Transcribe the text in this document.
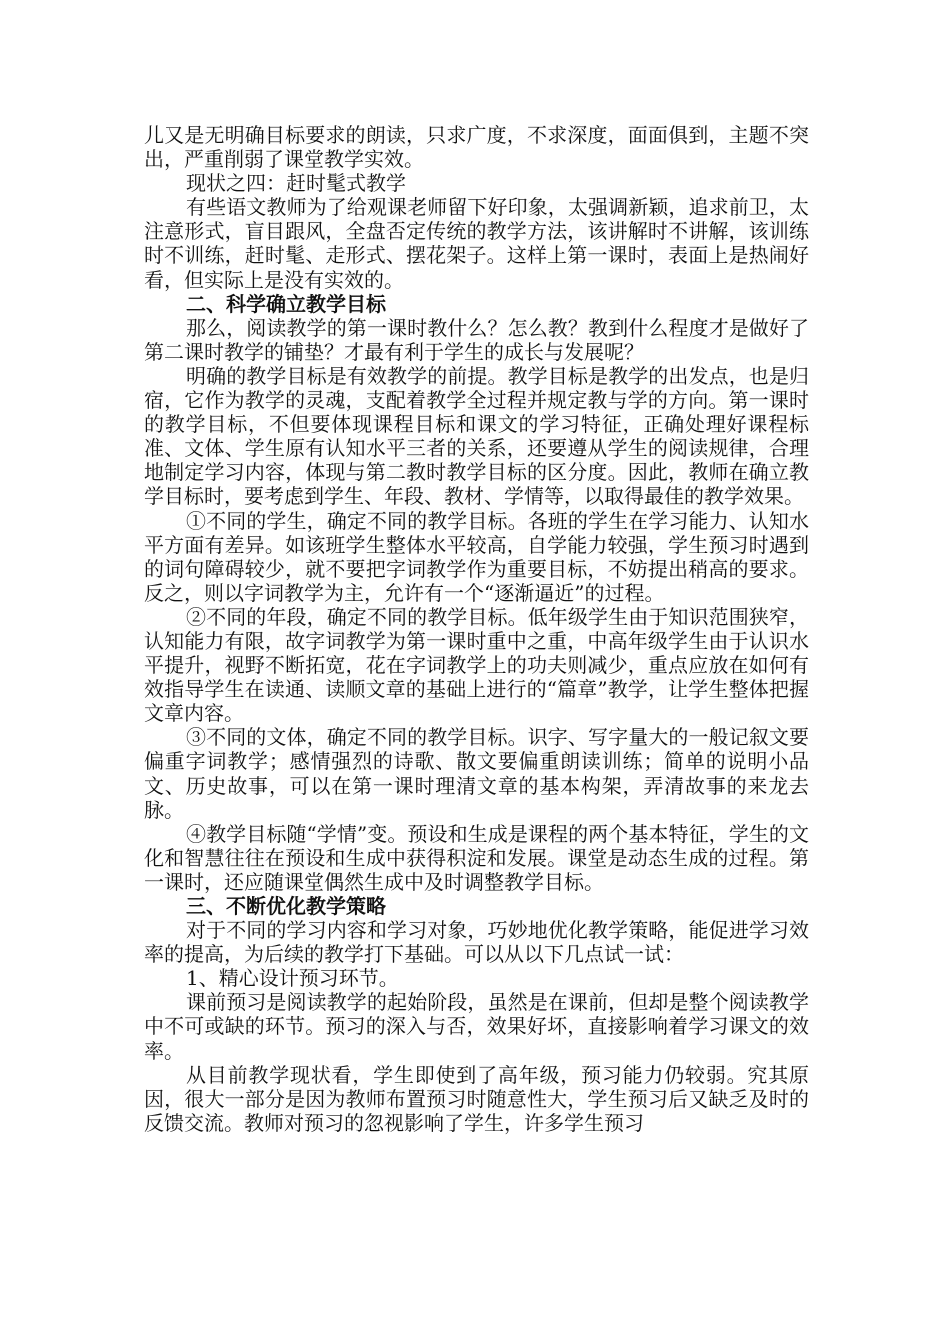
儿又是无明确目标要求的朗读，只求广度，不求深度，面面俱到，主题不突出，严重削弱了课堂教学实效。

现状之四：赶时髦式教学

有些语文教师为了给观课老师留下好印象，太强调新颖，追求前卫，太注意形式，盲目跟风，全盘否定传统的教学方法，该讲解时不讲解，该训练时不训练，赶时髦、走形式、摆花架子。这样上第一课时，表面上是热闹好看，但实际上是没有实效的。

二、科学确立教学目标

那么，阅读教学的第一课时教什么？怎么教？教到什么程度才是做好了第二课时教学的铺垫？才最有利于学生的成长与发展呢？

明确的教学目标是有效教学的前提。教学目标是教学的出发点，也是归宿，它作为教学的灵魂，支配着教学全过程并规定教与学的方向。第一课时的教学目标，不但要体现课程目标和课文的学习特征，正确处理好课程标准、文体、学生原有认知水平三者的关系，还要遵从学生的阅读规律，合理地制定学习内容，体现与第二教时教学目标的区分度。因此，教师在确立教学目标时，要考虑到学生、年段、教材、学情等，以取得最佳的教学效果。

①不同的学生，确定不同的教学目标。各班的学生在学习能力、认知水平方面有差异。如该班学生整体水平较高，自学能力较强，学生预习时遇到的词句障碍较少，就不要把字词教学作为重要目标，不妨提出稍高的要求。反之，则以字词教学为主，允许有一个“逐渐逼近”的过程。

②不同的年段，确定不同的教学目标。低年级学生由于知识范围狭窄，认知能力有限，故字词教学为第一课时重中之重，中高年级学生由于认识水平提升，视野不断拓宽，花在字词教学上的功夫则减少，重点应放在如何有效指导学生在读通、读顺文章的基础上进行的“篇章”教学，让学生整体把握文章内容。

③不同的文体，确定不同的教学目标。识字、写字量大的一般记叙文要偏重字词教学；感情强烈的诗歌、散文要偏重朗读训练；简单的说明小品文、历史故事，可以在第一课时理清文章的基本构架，弄清故事的来龙去脉。

④教学目标随“学情”变。预设和生成是课程的两个基本特征，学生的文化和智慧往往在预设和生成中获得积淀和发展。课堂是动态生成的过程。第一课时，还应随课堂偶然生成中及时调整教学目标。

三、不断优化教学策略

对于不同的学习内容和学习对象，巧妙地优化教学策略，能促进学习效率的提高，为后续的教学打下基础。可以从以下几点试一试：

1、精心设计预习环节。

课前预习是阅读教学的起始阶段，虽然是在课前，但却是整个阅读教学中不可或缺的环节。预习的深入与否，效果好坏，直接影响着学习课文的效率。

从目前教学现状看，学生即使到了高年级，预习能力仍较弱。究其原因，很大一部分是因为教师布置预习时随意性大，学生预习后又缺乏及时的反馈交流。教师对预习的忽视影响了学生，许多学生预习
